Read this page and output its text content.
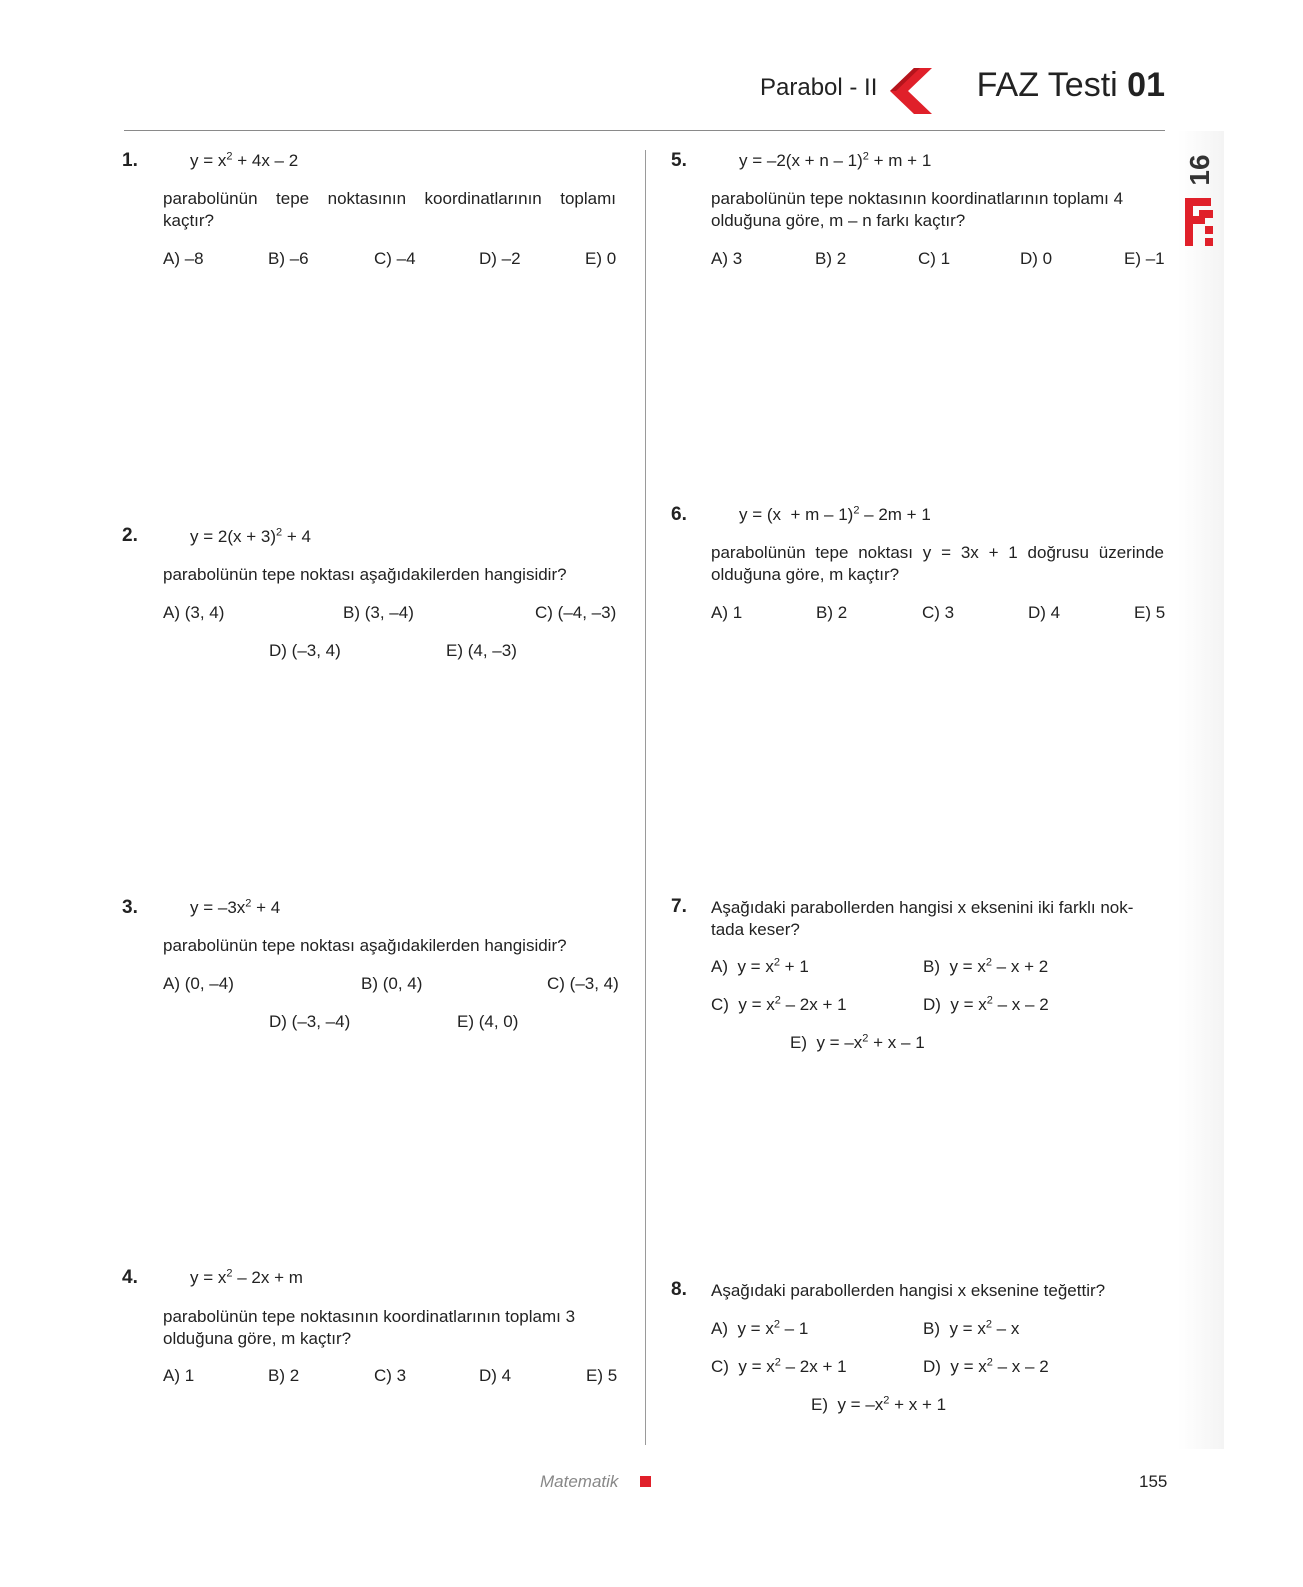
Parabol - II	FAZ Testi 01
16
1.	$y = x^2 + 4x - 2$
parabolünün tepe noktasının koordinatlarının toplamı kaçtır?
A) –8	B) –6	C) –4	D) –2	E) 0
2.	$y = 2(x + 3)^2 + 4$
parabolünün tepe noktası aşağıdakilerden hangisidir?
A) (3, 4)	B) (3, –4)	C) (–4, –3)
D) (–3, 4)	E) (4, –3)
3.	$y = -3x^2 + 4$
parabolünün tepe noktası aşağıdakilerden hangisidir?
A) (0, –4)	B) (0, 4)	C) (–3, 4)
D) (–3, –4)	E) (4, 0)
4.	$y = x^2 - 2x + m$
parabolünün tepe noktasının koordinatlarının toplamı 3 olduğuna göre, m kaçtır?
A) 1	B) 2	C) 3	D) 4	E) 5
5.	$y = -2(x + n - 1)^2 + m + 1$
parabolünün tepe noktasının koordinatlarının toplamı 4 olduğuna göre, m – n farkı kaçtır?
A) 3	B) 2	C) 1	D) 0	E) –1
6.	$y = (x + m - 1)^2 - 2m + 1$
parabolünün tepe noktası y = 3x + 1 doğrusu üzerinde olduğuna göre, m kaçtır?
A) 1	B) 2	C) 3	D) 4	E) 5
7. Aşağıdaki parabollerden hangisi x eksenini iki farklı nok- tada keser?
A) $y = x^2 + 1$	B) $y = x^2 - x + 2$
C) $y = x^2 - 2x + 1$	D) $y = x^2 - x - 2$
E) $y = -x^2 + x - 1$
8. Aşağıdaki parabollerden hangisi x eksenine teğettir?
A) $y = x^2 - 1$	B) $y = x^2 - x$
C) $y = x^2 - 2x + 1$	D) $y = x^2 - x - 2$
E) $y = -x^2 + x + 1$
Matematik	155
